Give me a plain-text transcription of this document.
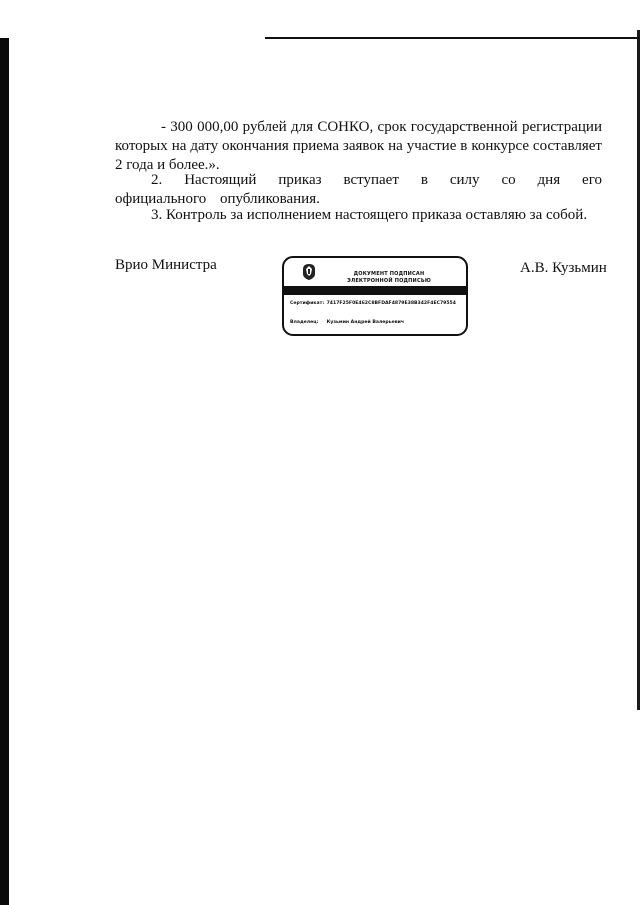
- 300 000,00 рублей для СОНКО, срок государственной регистрации которых на дату окончания приема заявок на участие в конкурсе составляет 2 года и более.».

2. Настоящий приказ вступает в силу со дня его официального опубликования.

3. Контроль за исполнением настоящего приказа оставляю за собой.

Врио Министра	А.В. Кузьмин
ДОКУМЕНТ ПОДПИСАН
ЭЛЕКТРОННОЙ ПОДПИСЬЮ
Сертификат: 7417F25F0E462C8BFDAF4879E38B342F4EC79554
Владелец: Кузьмин Андрей Валерьевич
